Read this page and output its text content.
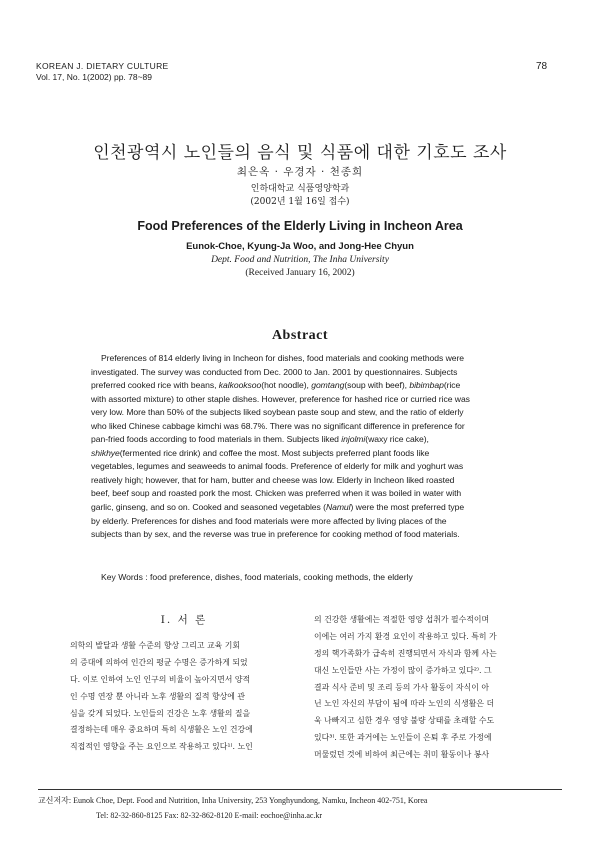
KOREAN J. DIETARY CULTURE
Vol. 17, No. 1(2002) pp. 78~89
78
인천광역시 노인들의 음식 및 식품에 대한 기호도 조사
최은옥 · 우경자 · 천종희
인하대학교 식품영양학과
(2002년 1월 16일 접수)
Food Preferences of the Elderly Living in Incheon Area
Eunok-Choe, Kyung-Ja Woo, and Jong-Hee Chyun
Dept. Food and Nutrition, The Inha University
(Received January 16, 2002)
Abstract
Preferences of 814 elderly living in Incheon for dishes, food materials and cooking methods were
investigated. The survey was conducted from Dec. 2000 to Jan. 2001 by questionnaires. Subjects
preferred cooked rice with beans, kalkooksoo(hot noodle), gomtang(soup with beef), bibimbap(rice
with assorted mixture) to other staple dishes. However, preference for hashed rice or curried rice was
very low. More than 50% of the subjects liked soybean paste soup and stew, and the ratio of elderly
who liked Chinese cabbage kimchi was 68.7%. There was no significant difference in preference for
pan-fried foods according to food materials in them. Subjects liked injolmi(waxy rice cake),
shikhye(fermented rice drink) and coffee the most. Most subjects preferred plant foods like
vegetables, legumes and seaweeds to animal foods. Preference of elderly for milk and yoghurt was
reatively high; however, that for ham, butter and cheese was low. Elderly in Incheon liked roasted
beef, beef soup and roasted pork the most. Chicken was preferred when it was boiled in water with
garlic, ginseng, and so on. Cooked and seasoned vegetables (Namul) were the most preferred type
by elderly. Preferences for dishes and food materials were more affected by living places of the
subjects than by sex, and the reverse was true in preference for cooking method of food materials.
Key Words : food preference, dishes, food materials, cooking methods, the elderly
I. 서 론
의학의 발달과 생활 수준의 향상 그리고 교육 기회
의 증대에 의하여 인간의 평균 수명은 증가하게 되었
다. 이로 인하여 노인 인구의 비율이 높아지면서 양적
인 수명 연장 뿐 아니라 노후 생활의 질적 향상에 관
심을 갖게 되었다. 노인들의 건강은 노후 생활의 질을
결정하는데 매우 중요하며 특히 식생활은 노인 건강에
직접적인 영향을 주는 요인으로 작용하고 있다¹⁾. 노인
의 건강한 생활에는 적절한 영양 섭취가 필수적이며
이에는 여러 가지 환경 요인이 작용하고 있다. 특히 가
정의 핵가족화가 급속히 진행되면서 자식과 함께 사는
대신 노인들만 사는 가정이 많이 증가하고 있다²⁾. 그
결과 식사 준비 및 조리 등의 가사 활동이 자식이 아
닌 노인 자신의 부담이 됨에 따라 노인의 식생활은 더
욱 나빠지고 심한 경우 영양 불량 상태를 초래할 수도
있다³⁾. 또한 과거에는 노인들이 은퇴 후 주로 가정에
머물렀던 것에 비하여 최근에는 취미 활동이나 봉사
교신저자: Eunok Choe, Dept. Food and Nutrition, Inha University, 253 Yonghyundong, Namku, Incheon 402-751, Korea
Tel: 82-32-860-8125 Fax: 82-32-862-8120 E-mail: eochoe@inha.ac.kr
